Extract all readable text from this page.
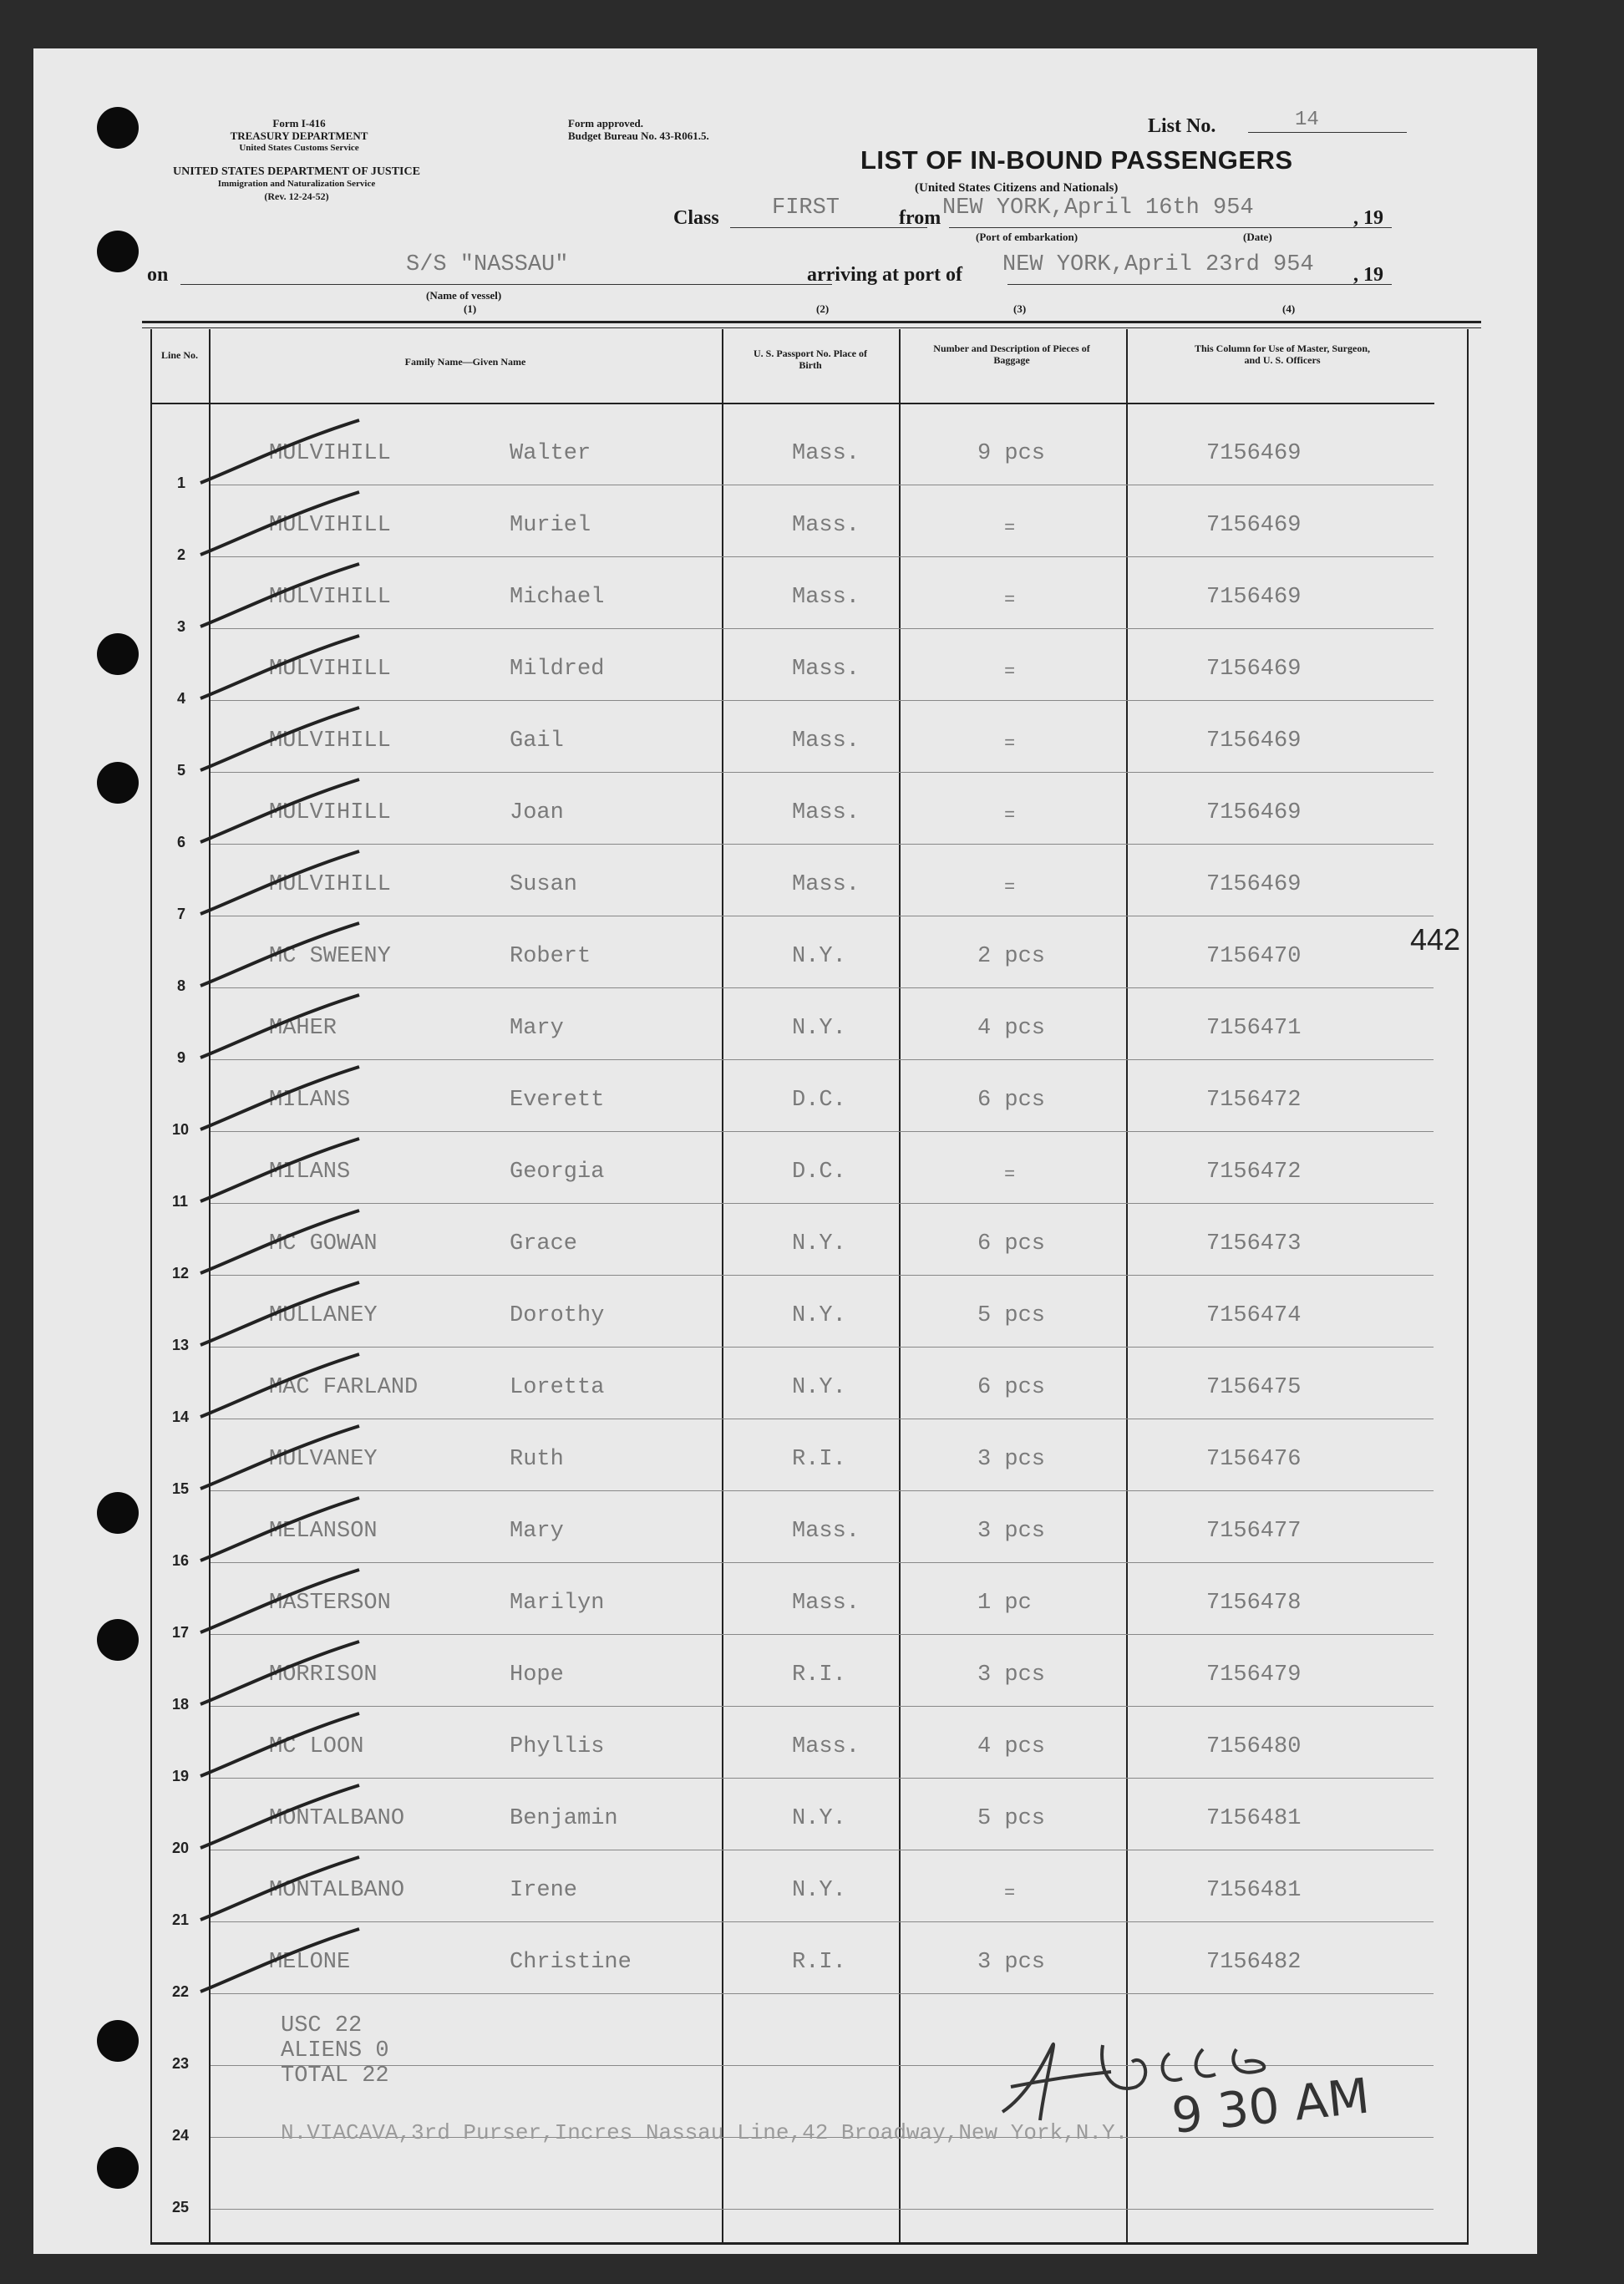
Form I-416
TREASURY DEPARTMENT
United States Customs Service
UNITED STATES DEPARTMENT OF JUSTICE
Immigration and Naturalization Service
(Rev. 12-24-52)
Form approved.
Budget Bureau No. 43-R061.5.	List No.	14
LIST OF IN-BOUND PASSENGERS
(United States Citizens and Nationals)
Class FIRST	from NEW YORK,April 16th 954	, 19
(Port of embarkation)	(Date)
on	S/S "NASSAU"	arriving at port of NEW YORK,April 23rd 954 , 19
(Name of vessel)
(1)	(2)	(3)	(4)
Line No.
Family Name—Given Name
U. S. Passport No. Place of Birth
Number and Description of Pieces of Baggage
This Column for Use of Master, Surgeon, and U. S. Officers
1
MULVIHILL	Walter	Mass.	9 pcs	7156469
2
MULVIHILL	Muriel	Mass.	=	7156469
3
MULVIHILL	Michael	Mass.	=	7156469
4
MULVIHILL	Mildred	Mass.	=	7156469
5
MULVIHILL	Gail	Mass.	=	7156469
6
MULVIHILL	Joan	Mass.	=	7156469
7
MULVIHILL	Susan	Mass.	=	7156469
8
MC SWEENY	Robert	N.Y.	2 pcs	7156470
9
MAHER	Mary	N.Y.	4 pcs	7156471
10
MILANS	Everett	D.C.	6 pcs	7156472
11
MILANS	Georgia	D.C.	=	7156472
12
MC GOWAN	Grace	N.Y.	6 pcs	7156473
13
MULLANEY	Dorothy	N.Y.	5 pcs	7156474
14
MAC FARLAND	Loretta	N.Y.	6 pcs	7156475
15
MULVANEY	Ruth	R.I.	3 pcs	7156476
16
MELANSON	Mary	Mass.	3 pcs	7156477
17
MASTERSON	Marilyn	Mass.	1 pc	7156478
18
MORRISON	Hope	R.I.	3 pcs	7156479
19
MC LOON	Phyllis	Mass.	4 pcs	7156480
20
MONTALBANO	Benjamin	N.Y.	5 pcs	7156481
21
MONTALBANO	Irene	N.Y.	=	7156481
22
MELONE	Christine	R.I.	3 pcs	7156482
23
24
25
USC 22
ALIENS 0
TOTAL 22
N.VIACAVA,3rd Purser,Incres Nassau Line,42 Broadway,New York,N.Y.
442
9 30 AM
